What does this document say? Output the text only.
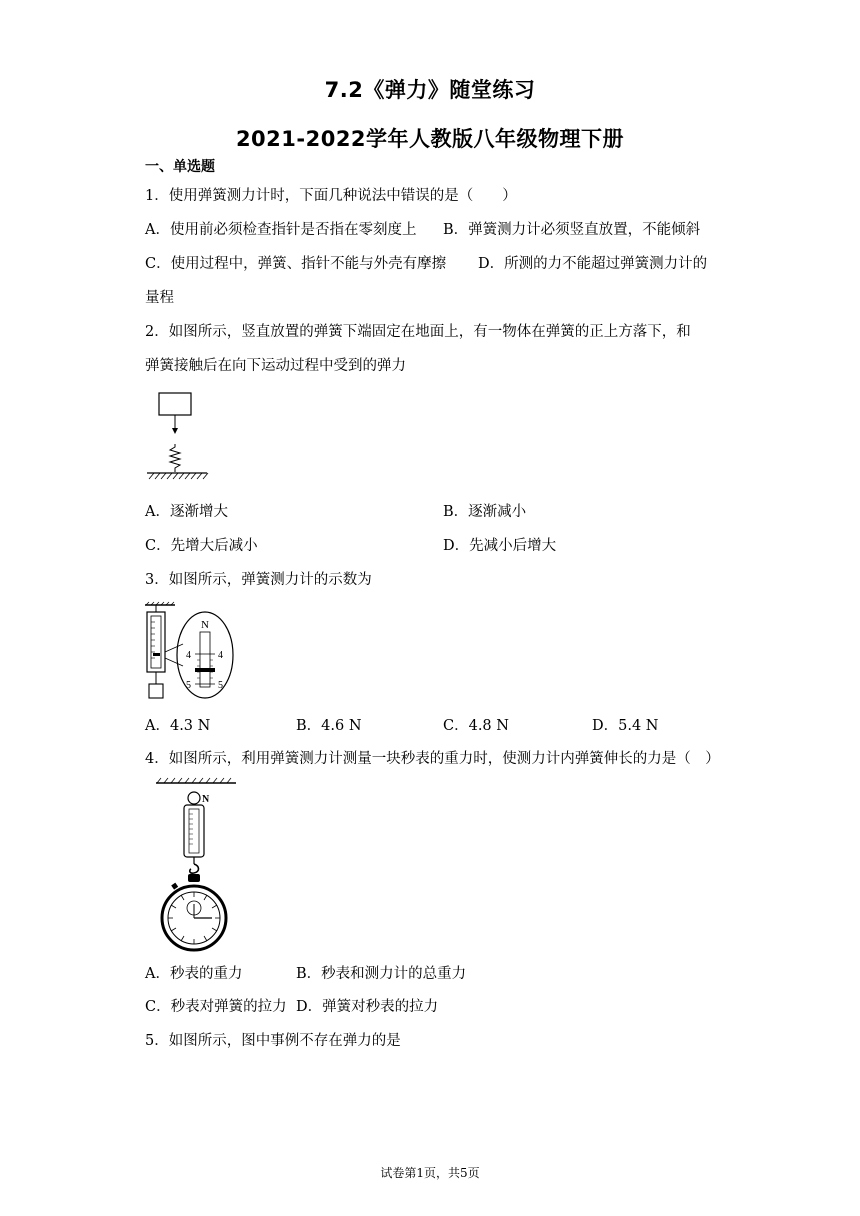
7.2《弹力》随堂练习
2021-2022学年人教版八年级物理下册
一、单选题
1．使用弹簧测力计时，下面几种说法中错误的是（　　）
A．使用前必须检查指针是否指在零刻度上 B．弹簧测力计必须竖直放置，不能倾斜
C．使用过程中，弹簧、指针不能与外壳有摩擦 D．所测的力不能超过弹簧测力计的
量程
2．如图所示，竖直放置的弹簧下端固定在地面上，有一物体在弹簧的正上方落下，和
弹簧接触后在向下运动过程中受到的弹力
A．逐渐增大	B．逐渐减小
C．先增大后减小	D．先减小后增大
3．如图所示，弹簧测力计的示数为
N
4	4
5	5
A．4.3 N	B．4.6 N	C．4.8 N	D．5.4 N
4．如图所示，利用弹簧测力计测量一块秒表的重力时，使测力计内弹簧伸长的力是（　）
N
A．秒表的重力	B．秒表和测力计的总重力
C．秒表对弹簧的拉力 D．弹簧对秒表的拉力
5．如图所示，图中事例不存在弹力的是
试卷第1页，共5页
